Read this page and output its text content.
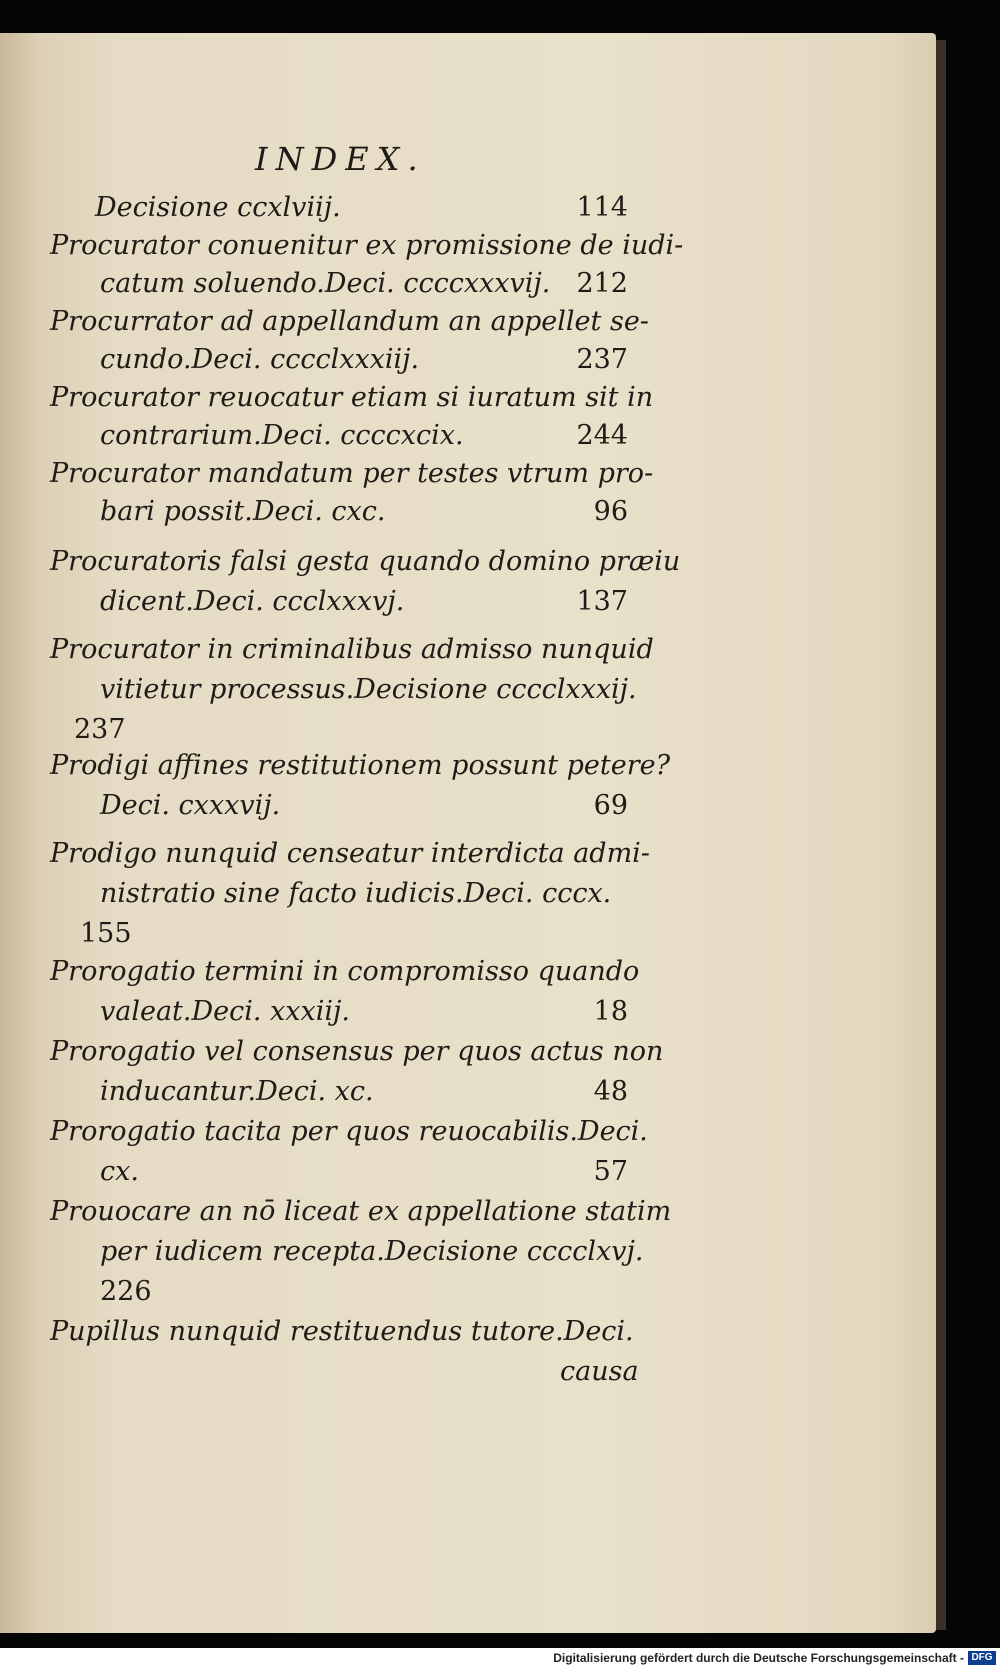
INDEX.
Decisione ccxlviij.	114
Procurator conuenitur ex promissione de iudi-
catum soluendo.Deci. ccccxxxvij. 212
Procurrator ad appellandum an appellet se-
cundo.Deci. cccclxxxiij.	237
Procurator reuocatur etiam si iuratum sit in
contrarium.Deci. ccccxcix.	244
Procurator mandatum per testes vtrum pro-
bari possit.Deci. cxc.	96
Procuratoris falsi gesta quando domino præiu
dicent.Deci. ccclxxxvj.	137
Procurator in criminalibus admisso nunquid
vitietur processus.Decisione cccclxxxij.
237
Prodigi affines restitutionem possunt petere?
Deci. cxxxvij.	69
Prodigo nunquid censeatur interdicta admi-
nistratio sine facto iudicis.Deci. cccx.
155
Prorogatio termini in compromisso quando
valeat.Deci. xxxiij.	18
Prorogatio vel consensus per quos actus non
inducantur.Deci. xc.	48
Prorogatio tacita per quos reuocabilis.Deci.
cx.	57
Prouocare an nō liceat ex appellatione statim
per iudicem recepta.Decisione cccclxvj.
226
Pupillus nunquid restituendus tutore.Deci.
causa
Digitalisierung gefördert durch die Deutsche Forschungsgemeinschaft - DFG
